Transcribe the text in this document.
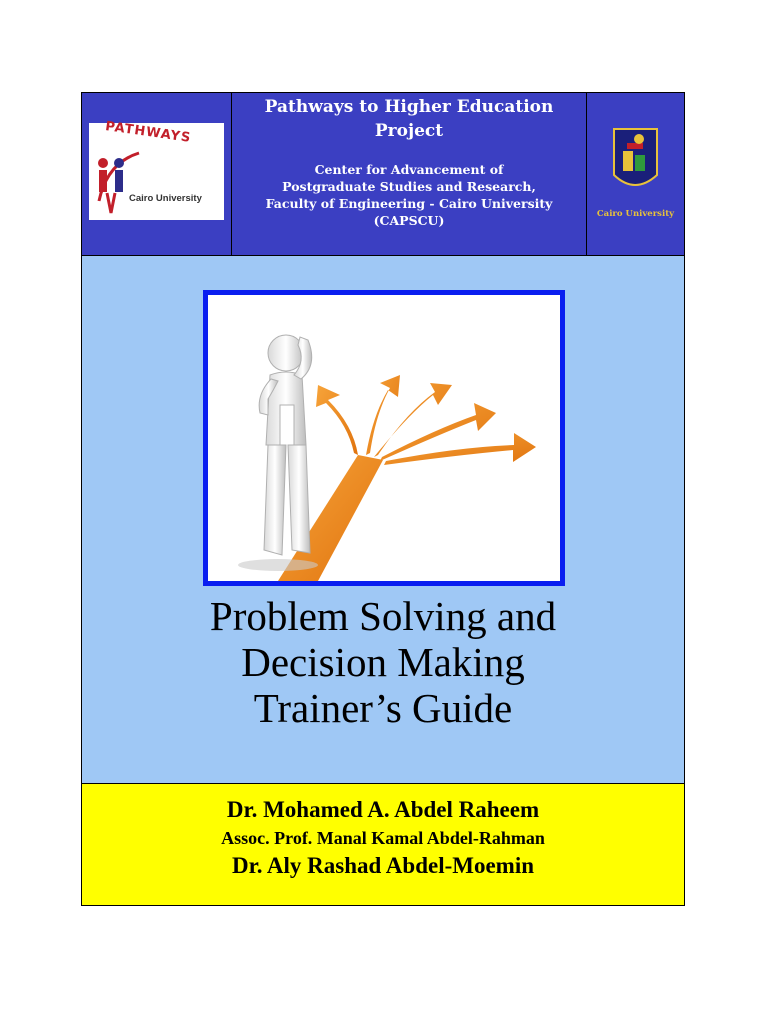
PATHWAYS
Cairo University
Pathways to Higher Education Project
Center for Advancement of
Postgraduate Studies and Research,
Faculty of Engineering - Cairo University
(CAPSCU)	Cairo University
Problem Solving and
Decision Making
Trainer’s Guide
Dr. Mohamed A. Abdel Raheem
Assoc. Prof. Manal Kamal Abdel-Rahman
Dr. Aly Rashad Abdel-Moemin
